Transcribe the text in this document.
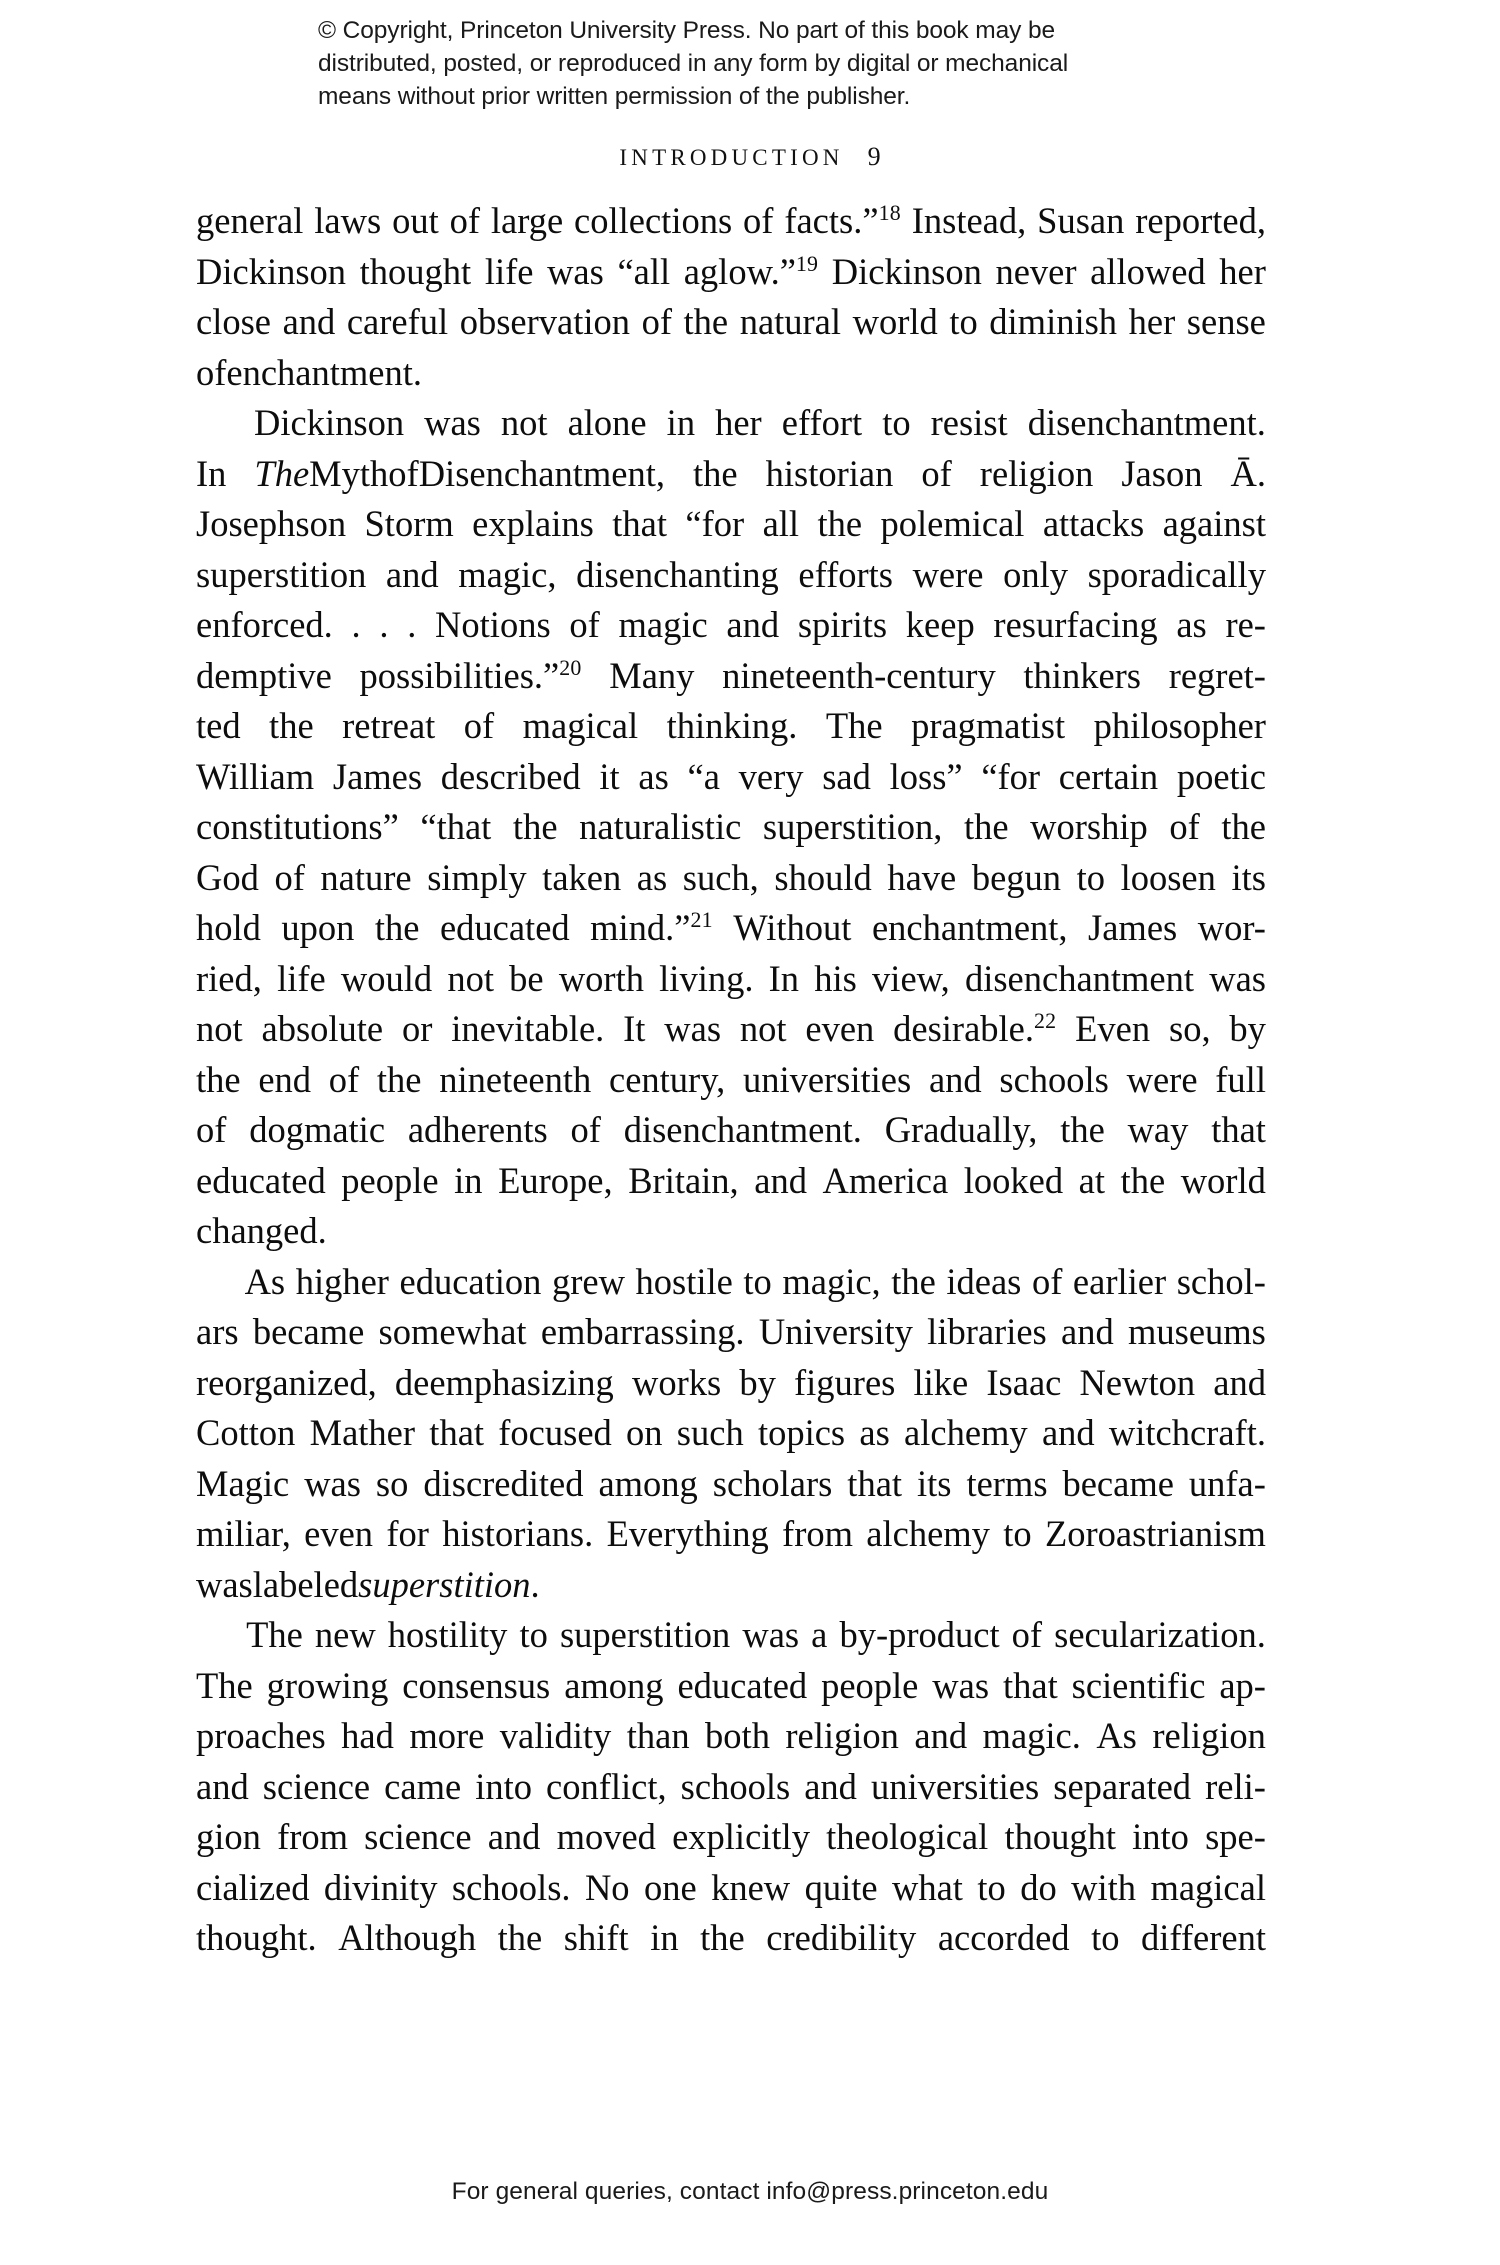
© Copyright, Princeton University Press. No part of this book may be
distributed, posted, or reproduced in any form by digital or mechanical
means without prior written permission of the publisher.
INTRODUCTION 9
general laws out of large collections of facts.”$^{18}$ Instead, Susan reported,
Dickinson thought life was “all aglow.”$^{19}$ Dickinson never allowed her
close and careful observation of the natural world to diminish her sense
of enchantment.
Dickinson was not alone in her effort to resist disenchantment.
In TheMythofDisenchantment, the historian of religion Jason Ā.
Josephson Storm explains that “for all the polemical attacks against
superstition and magic, disenchanting efforts were only sporadically
enforced. . . . Notions of magic and spirits keep resurfacing as re-
demptive possibilities.”$^{20}$ Many nineteenth-century thinkers regret-
ted the retreat of magical thinking. The pragmatist philosopher
William James described it as “a very sad loss” “for certain poetic
constitutions” “that the naturalistic superstition, the worship of the
God of nature simply taken as such, should have begun to loosen its
hold upon the educated mind.”$^{21}$ Without enchantment, James wor-
ried, life would not be worth living. In his view, disenchantment was
not absolute or inevitable. It was not even desirable.$^{22}$ Even so, by
the end of the nineteenth century, universities and schools were full
of dogmatic adherents of disenchantment. Gradually, the way that
educated people in Europe, Britain, and America looked at the world
changed.
As higher education grew hostile to magic, the ideas of earlier schol-
ars became somewhat embarrassing. University libraries and museums
reorganized, deemphasizing works by figures like Isaac Newton and
Cotton Mather that focused on such topics as alchemy and witchcraft.
Magic was so discredited among scholars that its terms became unfa-
miliar, even for historians. Everything from alchemy to Zoroastrianism
was labeled superstition.
The new hostility to superstition was a by-product of secularization.
The growing consensus among educated people was that scientific ap-
proaches had more validity than both religion and magic. As religion
and science came into conflict, schools and universities separated reli-
gion from science and moved explicitly theological thought into spe-
cialized divinity schools. No one knew quite what to do with magical
thought. Although the shift in the credibility accorded to different
For general queries, contact info@press.princeton.edu
